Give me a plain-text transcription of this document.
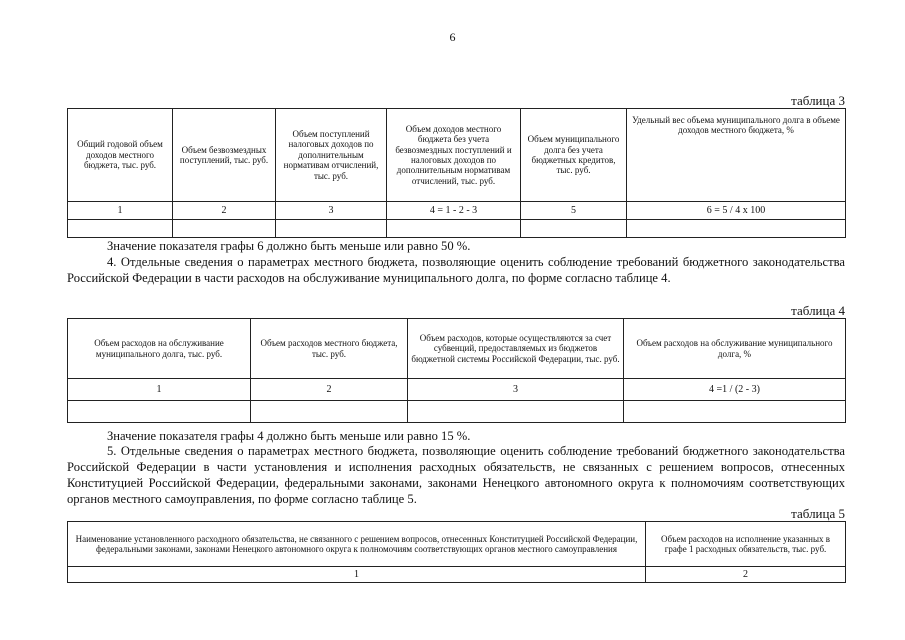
6
таблица 3
Общий годовой объем доходов местного бюджета, тыс. руб.	Объем безвозмездных поступлений, тыс. руб.	Объем поступлений налоговых доходов по дополнительным нормативам отчислений, тыс. руб.	Объем доходов местного бюджета без учета безвозмездных поступлений и налоговых доходов по дополнительным нормативам отчислений, тыс. руб.	Объем муниципального долга без учета бюджетных кредитов, тыс. руб.	Удельный вес объема муниципального долга в объеме доходов местного бюджета, %
1	2	3	4 = 1 - 2 - 3	5	6 = 5 / 4 x 100

Значение показателя графы 6 должно быть меньше или равно 50 %.

4. Отдельные сведения о параметрах местного бюджета, позволяющие оценить соблюдение требований бюджетного законодательства Российской Федерации в части расходов на обслуживание муниципального долга, по форме согласно таблице 4.

таблица 4
Объем расходов на обслуживание муниципального долга, тыс. руб.	Объем расходов местного бюджета, тыс. руб.	Объем расходов, которые осуществляются за счет субвенций, предоставляемых из бюджетов бюджетной системы Российской Федерации, тыс. руб.	Объем расходов на обслуживание муниципального долга, %
1	2	3	4 =1 / (2 - 3)

Значение показателя графы 4 должно быть меньше или равно 15 %.

5. Отдельные сведения о параметрах местного бюджета, позволяющие оценить соблюдение требований бюджетного законодательства Российской Федерации в части установления и исполнения расходных обязательств, не связанных с решением вопросов, отнесенных Конституцией Российской Федерации, федеральными законами, законами Ненецкого автономного округа к полномочиям соответствующих органов местного самоуправления, по форме согласно таблице 5.

таблица 5
Наименование установленного расходного обязательства, не связанного с решением вопросов, отнесенных Конституцией Российской Федерации, федеральными законами, законами Ненецкого автономного округа к полномочиям соответствующих органов местного самоуправления	Объем расходов на исполнение указанных в графе 1 расходных обязательств, тыс. руб.
1	2
